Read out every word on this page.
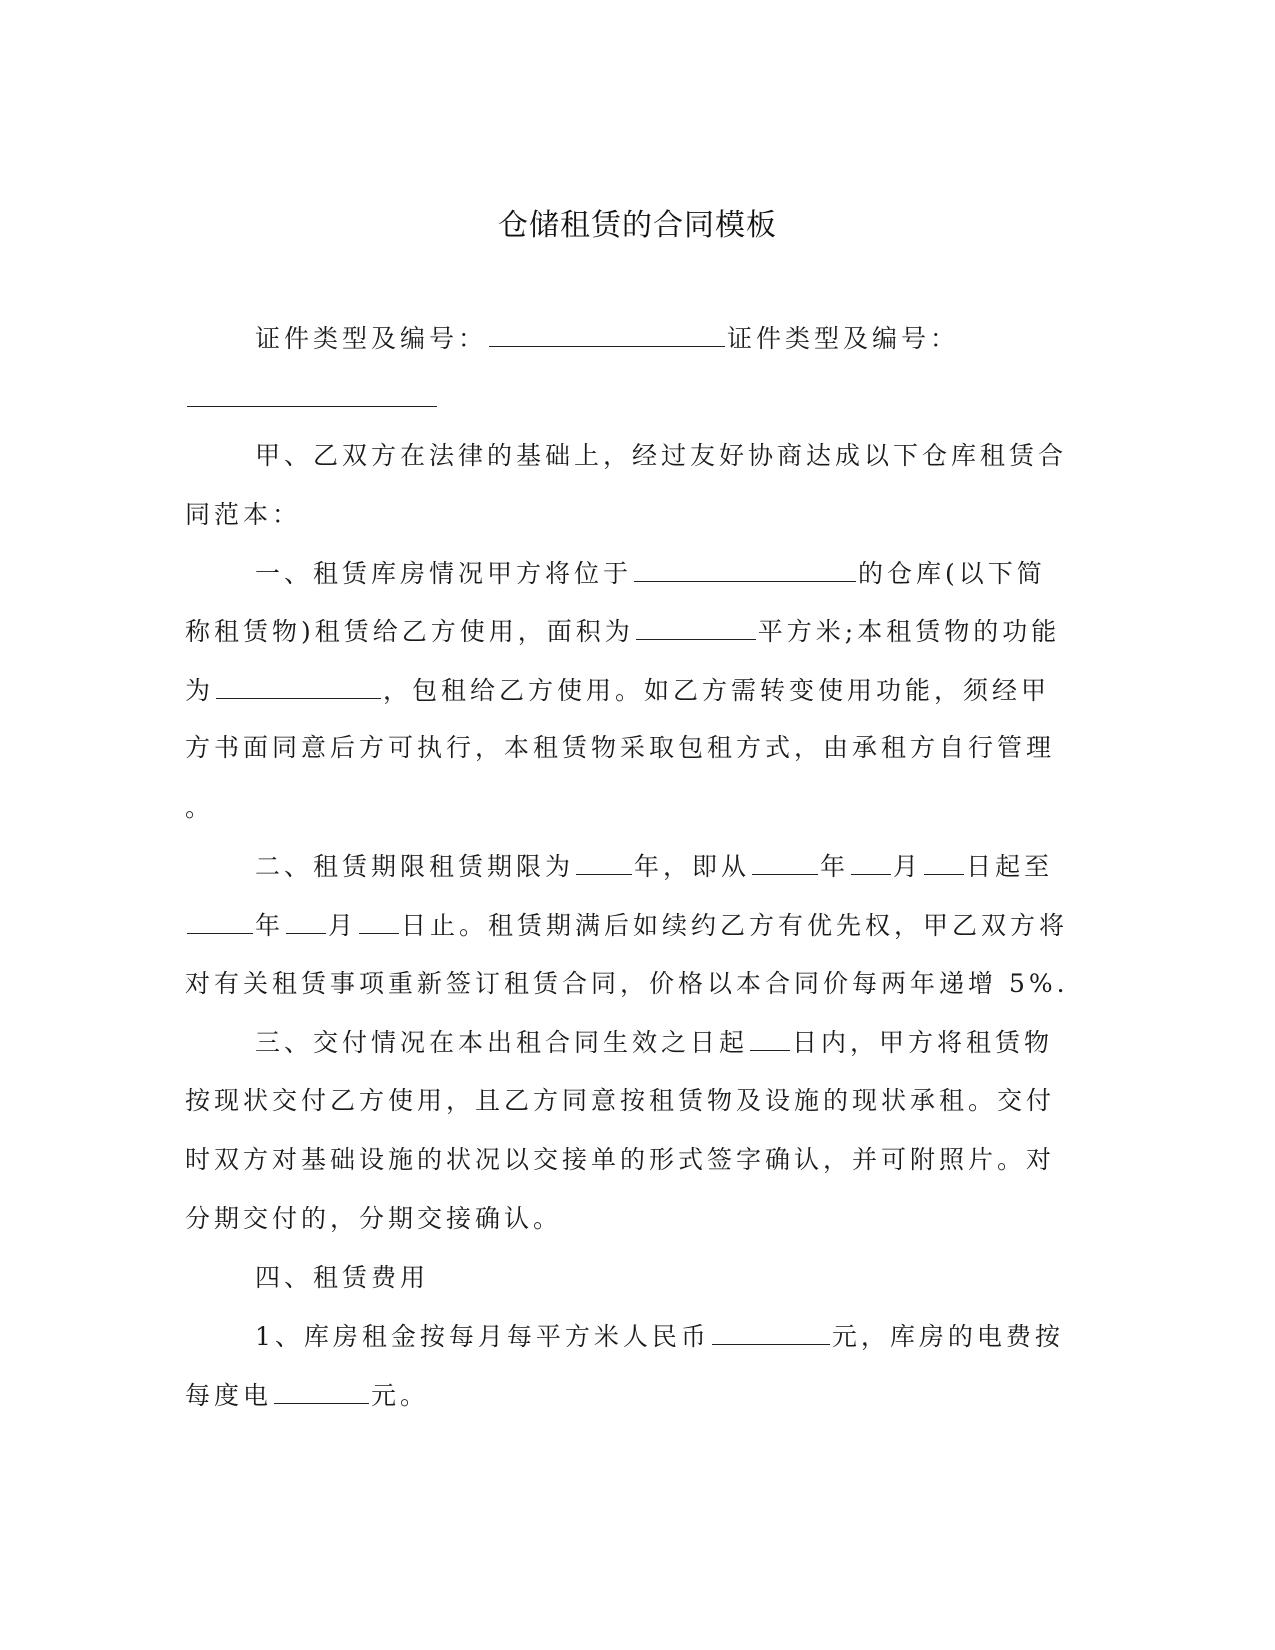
仓储租赁的合同模板
证件类型及编号：	证件类型及编号：
甲、乙双方在法律的基础上，经过友好协商达成以下仓库租赁合
同范本：
一、租赁库房情况甲方将位于	的仓库(以下简
称租赁物)租赁给乙方使用，面积为	平方米;本租赁物的功能
为	，包租给乙方使用。如乙方需转变使用功能，须经甲
方书面同意后方可执行，本租赁物采取包租方式，由承租方自行管理
。
二、租赁期限租赁期限为 年，即从	年 月 日起至
年 月 日止。租赁期满后如续约乙方有优先权，甲乙双方将
对有关租赁事项重新签订租赁合同，价格以本合同价每两年递增 5%.
三、交付情况在本出租合同生效之日起 日内，甲方将租赁物
按现状交付乙方使用，且乙方同意按租赁物及设施的现状承租。交付
时双方对基础设施的状况以交接单的形式签字确认，并可附照片。对
分期交付的，分期交接确认。
四、租赁费用
1、库房租金按每月每平方米人民币	元，库房的电费按
每度电	元。
